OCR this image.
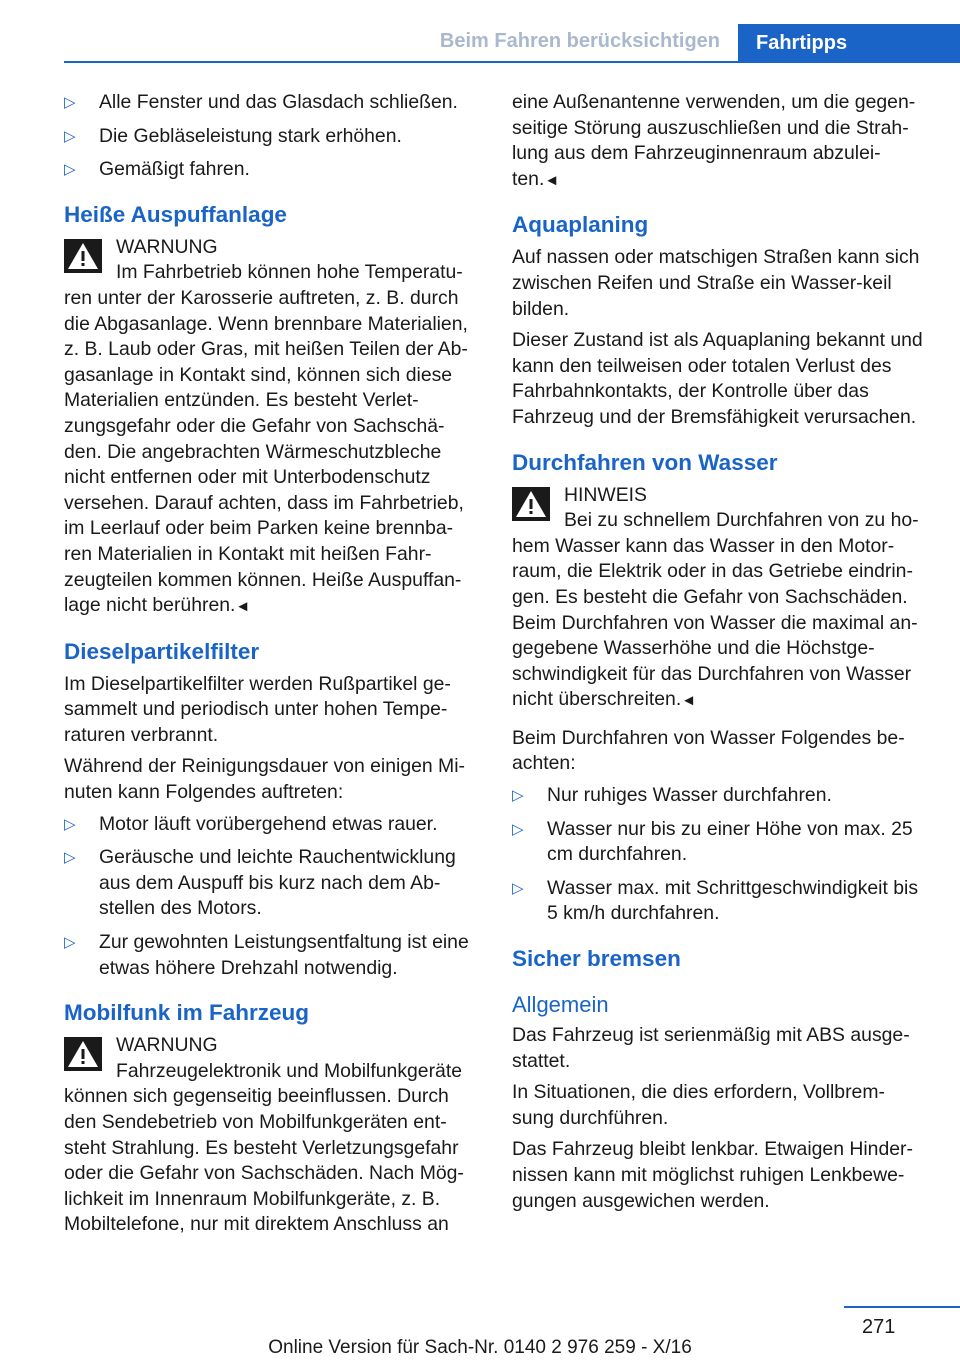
Beim Fahren berücksichtigen	Fahrtipps
▷ Alle Fenster und das Glasdach schließen.
▷ Die Gebläseleistung stark erhöhen.
▷ Gemäßigt fahren.
Heiße Auspuffanlage
WARNUNG
Im Fahrbetrieb können hohe Temperatu-ren unter der Karosserie auftreten, z. B. durch die Abgasanlage. Wenn brennbare Materialien, z. B. Laub oder Gras, mit heißen Teilen der Ab-gasanlage in Kontakt sind, können sich diese Materialien entzünden. Es besteht Verlet-zungsgefahr oder die Gefahr von Sachschä-den. Die angebrachten Wärmeschutzbleche nicht entfernen oder mit Unterbodenschutz versehen. Darauf achten, dass im Fahrbetrieb, im Leerlauf oder beim Parken keine brennba-ren Materialien in Kontakt mit heißen Fahr-zeugteilen kommen können. Heiße Auspuffan-lage nicht berühren.◄
Dieselpartikelfilter

Im Dieselpartikelfilter werden Rußpartikel ge-sammelt und periodisch unter hohen Tempe-raturen verbrannt.

Während der Reinigungsdauer von einigen Mi-nuten kann Folgendes auftreten:

▷ Motor läuft vorübergehend etwas rauer.
▷ Geräusche und leichte Rauchentwicklung aus dem Auspuff bis kurz nach dem Ab-stellen des Motors.
▷ Zur gewohnten Leistungsentfaltung ist eine etwas höhere Drehzahl notwendig.
Mobilfunk im Fahrzeug
WARNUNG
Fahrzeugelektronik und Mobilfunkgeräte können sich gegenseitig beeinflussen. Durch den Sendebetrieb von Mobilfunkgeräten ent-steht Strahlung. Es besteht Verletzungsgefahr oder die Gefahr von Sachschäden. Nach Mög-lichkeit im Innenraum Mobilfunkgeräte, z. B. Mobiltelefone, nur mit direktem Anschluss an

eine Außenantenne verwenden, um die gegen-seitige Störung auszuschließen und die Strah-lung aus dem Fahrzeuginnenraum abzulei-ten.◄

Aquaplaning

Auf nassen oder matschigen Straßen kann sich zwischen Reifen und Straße ein Wasser-keil bilden.

Dieser Zustand ist als Aquaplaning bekannt und kann den teilweisen oder totalen Verlust des Fahrbahnkontakts, der Kontrolle über das Fahrzeug und der Bremsfähigkeit verursachen.

Durchfahren von Wasser
HINWEIS
Bei zu schnellem Durchfahren von zu ho-hem Wasser kann das Wasser in den Motor-raum, die Elektrik oder in das Getriebe eindrin-gen. Es besteht die Gefahr von Sachschäden. Beim Durchfahren von Wasser die maximal an-gegebene Wasserhöhe und die Höchstge-schwindigkeit für das Durchfahren von Wasser nicht überschreiten.◄

Beim Durchfahren von Wasser Folgendes be-achten:

▷ Nur ruhiges Wasser durchfahren.
▷ Wasser nur bis zu einer Höhe von max. 25 cm durchfahren.
▷ Wasser max. mit Schrittgeschwindigkeit bis 5 km/h durchfahren.
Sicher bremsen
Allgemein

Das Fahrzeug ist serienmäßig mit ABS ausge-stattet.

In Situationen, die dies erfordern, Vollbrem-sung durchführen.

Das Fahrzeug bleibt lenkbar. Etwaigen Hinder-nissen kann mit möglichst ruhigen Lenkbewe-gungen ausgewichen werden.

271
Online Version für Sach-Nr. 0140 2 976 259 - X/16
